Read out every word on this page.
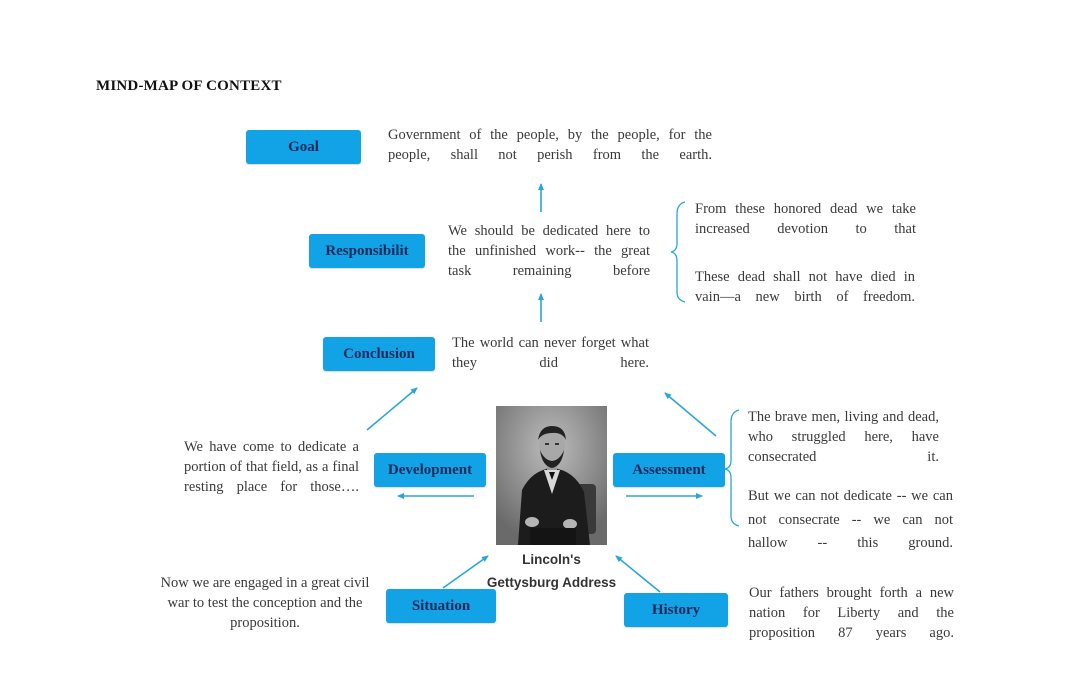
MIND-MAP OF CONTEXT
Goal
Responsibilit
Conclusion
Development	Assessment
Situation	History
Government of the people, by the people, for the people, shall not perish from the earth.
We should be dedicated here to the unfinished work-- the great task remaining before
From these honored dead we take increased devotion to that
These dead shall not have died in vain—a new birth of freedom.
The world can never forget what they did here.
We have come to dedicate a portion of that field, as a final resting place for those….
The brave men, living and dead, who struggled here, have consecrated it.
But we can not dedicate -- we can not consecrate -- we can not hallow -- this ground.
Now we are engaged in a great civil war to test the conception and the proposition.
Our fathers brought forth a new nation for Liberty and the proposition 87 years ago.
Lincoln's
Gettysburg Address
